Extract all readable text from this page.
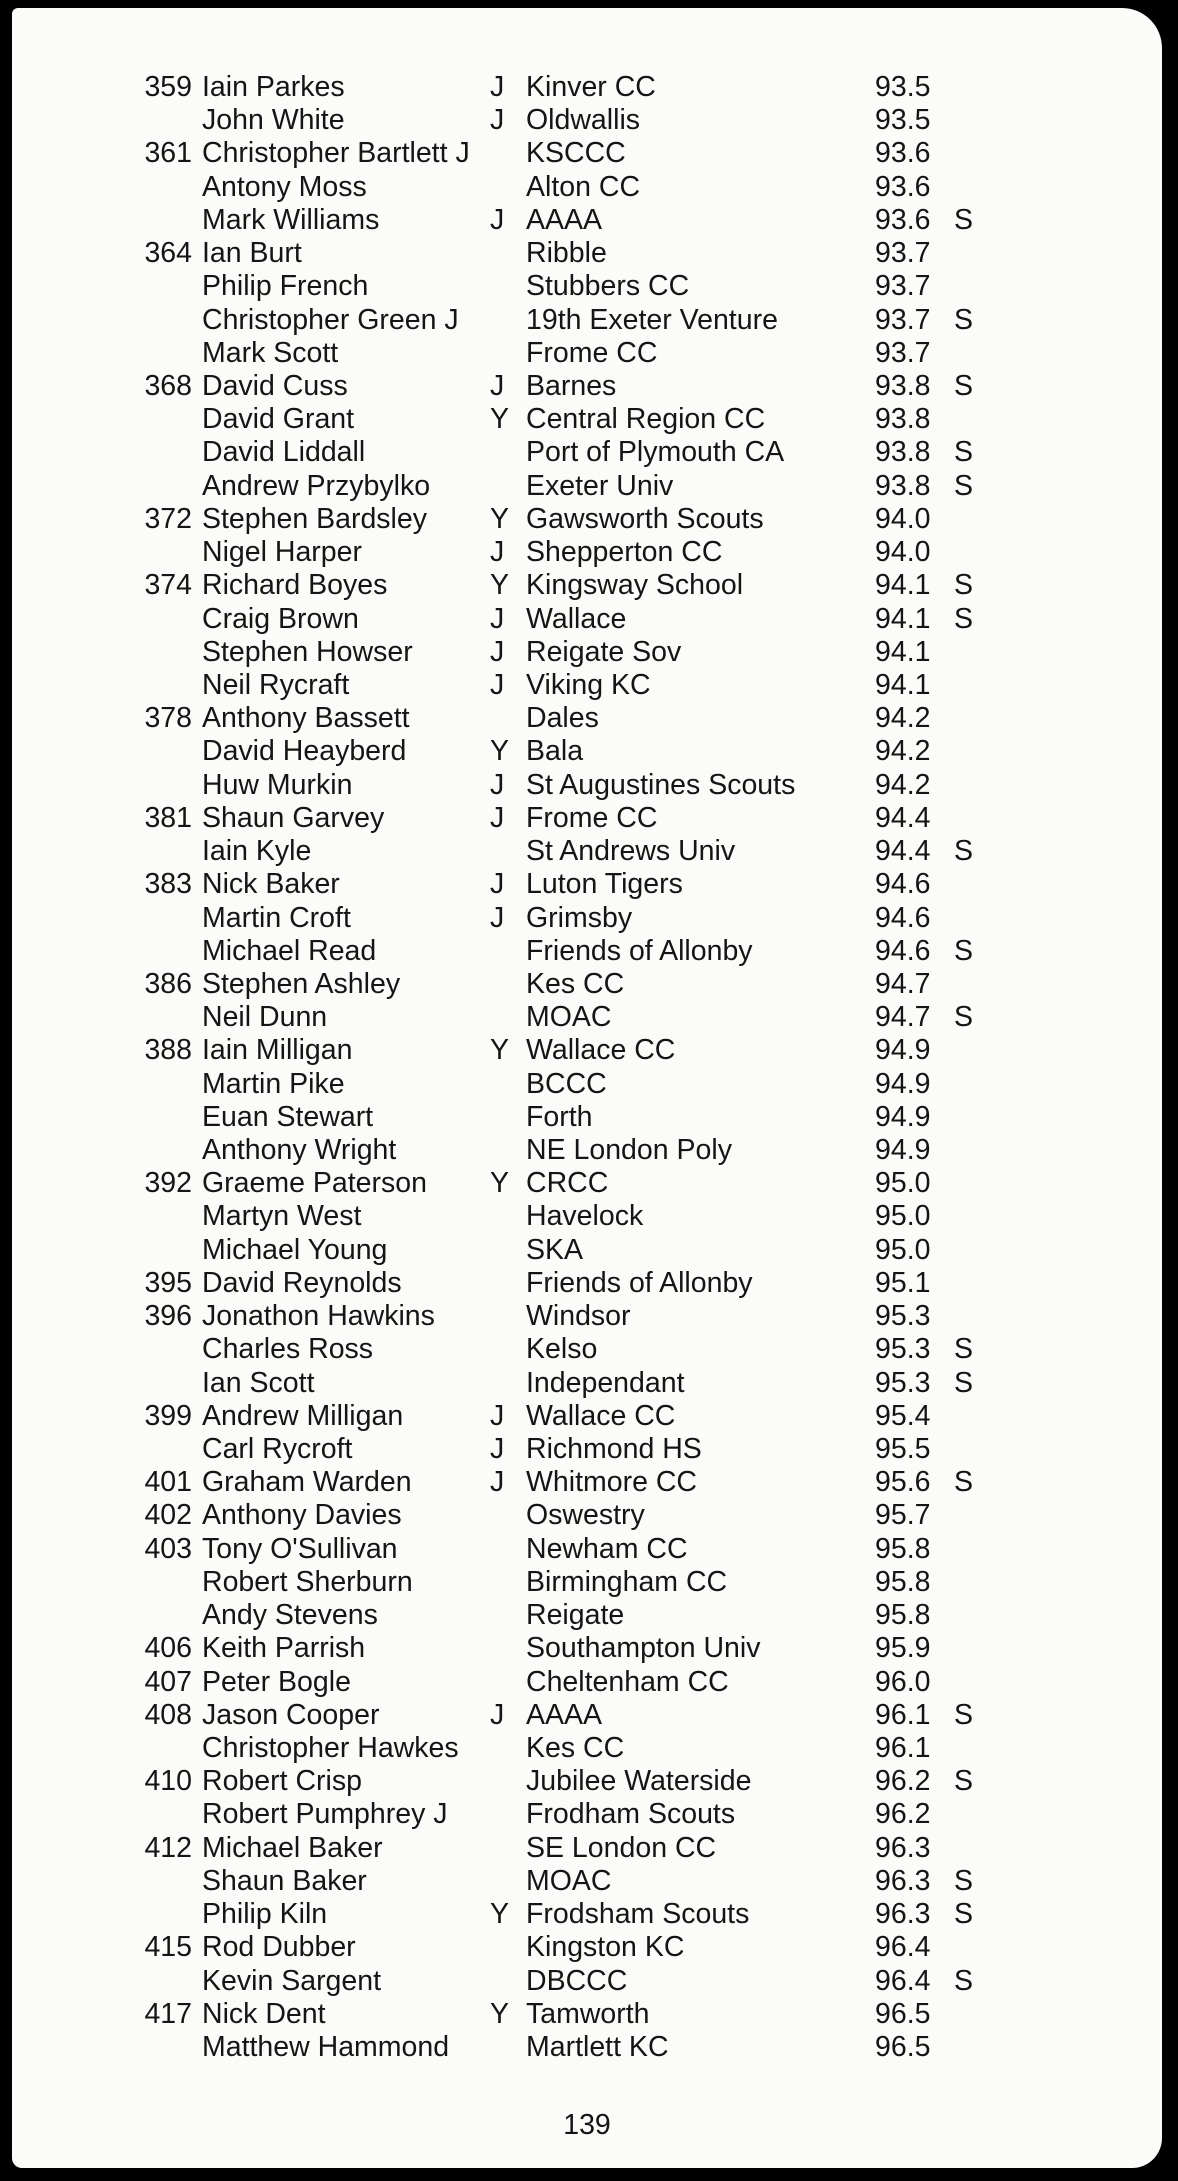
359 Iain Parkes	J Kinver CC	93.5
John White	J Oldwallis	93.5
361 Christopher Bartlett J KSCCC	93.6
Antony Moss	Alton CC	93.6
Mark Williams	J AAAA	93.6 S
364 Ian Burt	Ribble	93.7
Philip French	Stubbers CC	93.7
Christopher Green J 19th Exeter Venture	93.7 S
Mark Scott	Frome CC	93.7
368 David Cuss	J Barnes	93.8 S
David Grant	Y Central Region CC	93.8
David Liddall	Port of Plymouth CA	93.8 S
Andrew Przybylko	Exeter Univ	93.8 S
372 Stephen Bardsley Y Gawsworth Scouts	94.0
Nigel Harper	J Shepperton CC	94.0
374 Richard Boyes	Y Kingsway School	94.1 S
Craig Brown	J Wallace	94.1 S
Stephen Howser	J Reigate Sov	94.1
Neil Rycraft	J Viking KC	94.1
378 Anthony Bassett	Dales	94.2
David Heayberd	Y Bala	94.2
Huw Murkin	J St Augustines Scouts	94.2
381 Shaun Garvey	J Frome CC	94.4
Iain Kyle	St Andrews Univ	94.4 S
383 Nick Baker	J Luton Tigers	94.6
Martin Croft	J Grimsby	94.6
Michael Read	Friends of Allonby	94.6 S
386 Stephen Ashley	Kes CC	94.7
Neil Dunn	MOAC	94.7 S
388 Iain Milligan	Y Wallace CC	94.9
Martin Pike	BCCC	94.9
Euan Stewart	Forth	94.9
Anthony Wright	NE London Poly	94.9
392 Graeme Paterson Y CRCC	95.0
Martyn West	Havelock	95.0
Michael Young	SKA	95.0
395 David Reynolds	Friends of Allonby	95.1
396 Jonathon Hawkins	Windsor	95.3
Charles Ross	Kelso	95.3 S
Ian Scott	Independant	95.3 S
399 Andrew Milligan	J Wallace CC	95.4
Carl Rycroft	J Richmond HS	95.5
401 Graham Warden	J Whitmore CC	95.6 S
402 Anthony Davies	Oswestry	95.7
403 Tony O'Sullivan	Newham CC	95.8
Robert Sherburn	Birmingham CC	95.8
Andy Stevens	Reigate	95.8
406 Keith Parrish	Southampton Univ	95.9
407 Peter Bogle	Cheltenham CC	96.0
408 Jason Cooper	J AAAA	96.1 S
Christopher Hawkes Kes CC	96.1
410 Robert Crisp	Jubilee Waterside	96.2 S
Robert Pumphrey J	Frodham Scouts	96.2
412 Michael Baker	SE London CC	96.3
Shaun Baker	MOAC	96.3 S
Philip Kiln	Y Frodsham Scouts	96.3 S
415 Rod Dubber	Kingston KC	96.4
Kevin Sargent	DBCCC	96.4 S
417 Nick Dent	Y Tamworth	96.5
Matthew Hammond	Martlett KC	96.5
139
